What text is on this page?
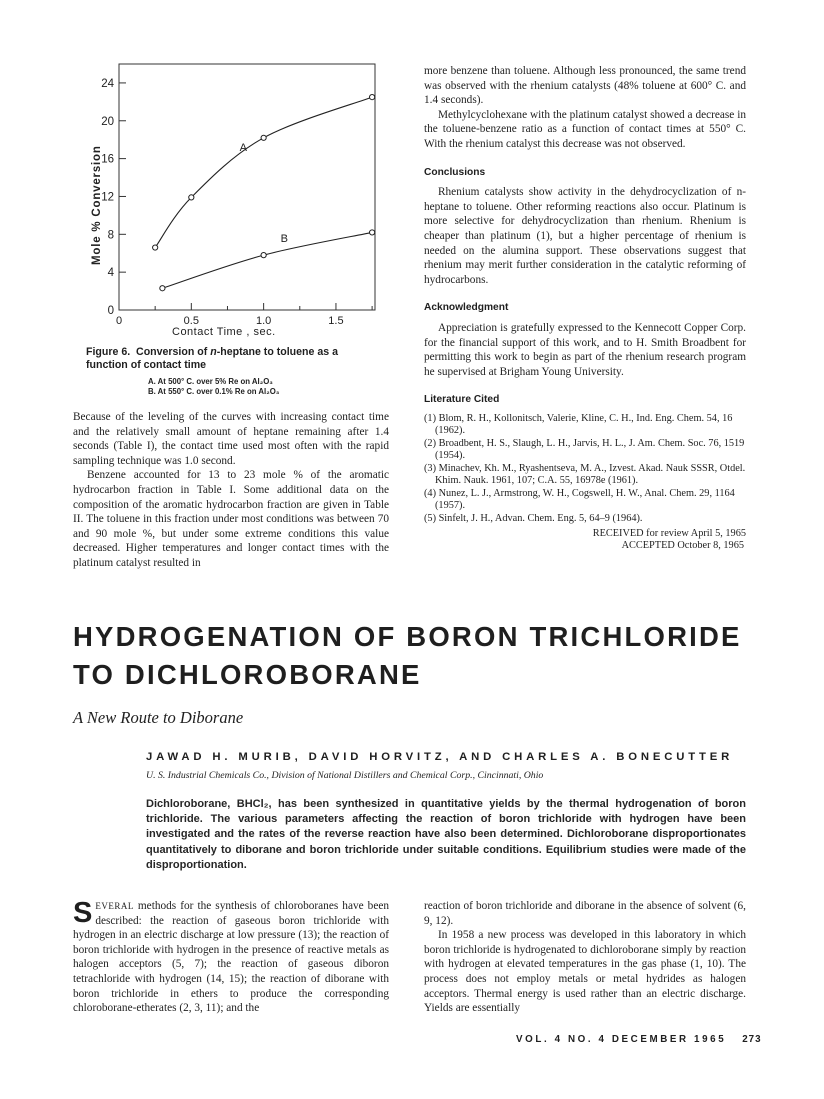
0
4
8
12
16
20
24
0	0.5	1.0	1.5
A
B
Mole % Conversion
Contact Time , sec.
Figure 6. Conversion of n-heptane to toluene as a function of contact time
A. At 500° C. over 5% Re on Al₂O₃
B. At 550° C. over 0.1% Re on Al₂O₃

Because of the leveling of the curves with increasing contact time and the relatively small amount of heptane remaining after 1.4 seconds (Table I), the contact time used most often with the rapid sampling technique was 1.0 second.

Benzene accounted for 13 to 23 mole % of the aromatic hydrocarbon fraction in Table I. Some additional data on the composition of the aromatic hydrocarbon fraction are given in Table II. The toluene in this fraction under most conditions was between 70 and 90 mole %, but under some extreme conditions this value decreased. Higher temperatures and longer contact times with the platinum catalyst resulted in

more benzene than toluene. Although less pronounced, the same trend was observed with the rhenium catalysts (48% toluene at 600° C. and 1.4 seconds).

Methylcyclohexane with the platinum catalyst showed a decrease in the toluene-benzene ratio as a function of contact times at 550° C. With the rhenium catalyst this decrease was not observed.

Conclusions

Rhenium catalysts show activity in the dehydrocyclization of n-heptane to toluene. Other reforming reactions also occur. Platinum is more selective for dehydrocyclization than rhenium. Rhenium is cheaper than platinum (1), but a higher percentage of rhenium is needed on the alumina support. These observations suggest that rhenium may merit further consideration in the catalytic reforming of hydrocarbons.

Acknowledgment

Appreciation is gratefully expressed to the Kennecott Copper Corp. for the financial support of this work, and to H. Smith Broadbent for permitting this work to begin as part of the rhenium research program he supervised at Brigham Young University.

Literature Cited

(1) Blom, R. H., Kollonitsch, Valerie, Kline, C. H., Ind. Eng. Chem. 54, 16 (1962).

(2) Broadbent, H. S., Slaugh, L. H., Jarvis, H. L., J. Am. Chem. Soc. 76, 1519 (1954).

(3) Minachev, Kh. M., Ryashentseva, M. A., Izvest. Akad. Nauk SSSR, Otdel. Khim. Nauk. 1961, 107; C.A. 55, 16978e (1961).

(4) Nunez, L. J., Armstrong, W. H., Cogswell, H. W., Anal. Chem. 29, 1164 (1957).

(5) Sinfelt, J. H., Advan. Chem. Eng. 5, 64–9 (1964).

RECEIVED for review April 5, 1965
ACCEPTED October 8, 1965
HYDROGENATION OF BORON TRICHLORIDE
TO DICHLOROBORANE
A New Route to Diborane
JAWAD H. MURIB, DAVID HORVITZ, AND CHARLES A. BONECUTTER
U. S. Industrial Chemicals Co., Division of National Distillers and Chemical Corp., Cincinnati, Ohio
Dichloroborane, BHCl₂, has been synthesized in quantitative yields by the thermal hydrogenation of boron trichloride. The various parameters affecting the reaction of boron trichloride with hydrogen have been investigated and the rates of the reverse reaction have also been determined. Dichloroborane disproportionates quantitatively to diborane and boron trichloride under suitable conditions. Equilibrium studies were made of the disproportionation.
SEVERAL methods for the synthesis of chloroboranes have been described: the reaction of gaseous boron trichloride with hydrogen in an electric discharge at low pressure (13); the reaction of boron trichloride with hydrogen in the presence of reactive metals as halogen acceptors (5, 7); the reaction of gaseous diboron tetrachloride with hydrogen (14, 15); the reaction of diborane with boron trichloride in ethers to produce the corresponding chloroborane-etherates (2, 3, 11); and the

reaction of boron trichloride and diborane in the absence of solvent (6, 9, 12).

In 1958 a new process was developed in this laboratory in which boron trichloride is hydrogenated to dichloroborane simply by reaction with hydrogen at elevated temperatures in the gas phase (1, 10). The process does not employ metals or metal hydrides as halogen acceptors. Thermal energy is used rather than an electric discharge. Yields are essentially

VOL. 4 NO. 4 DECEMBER 1965 273
